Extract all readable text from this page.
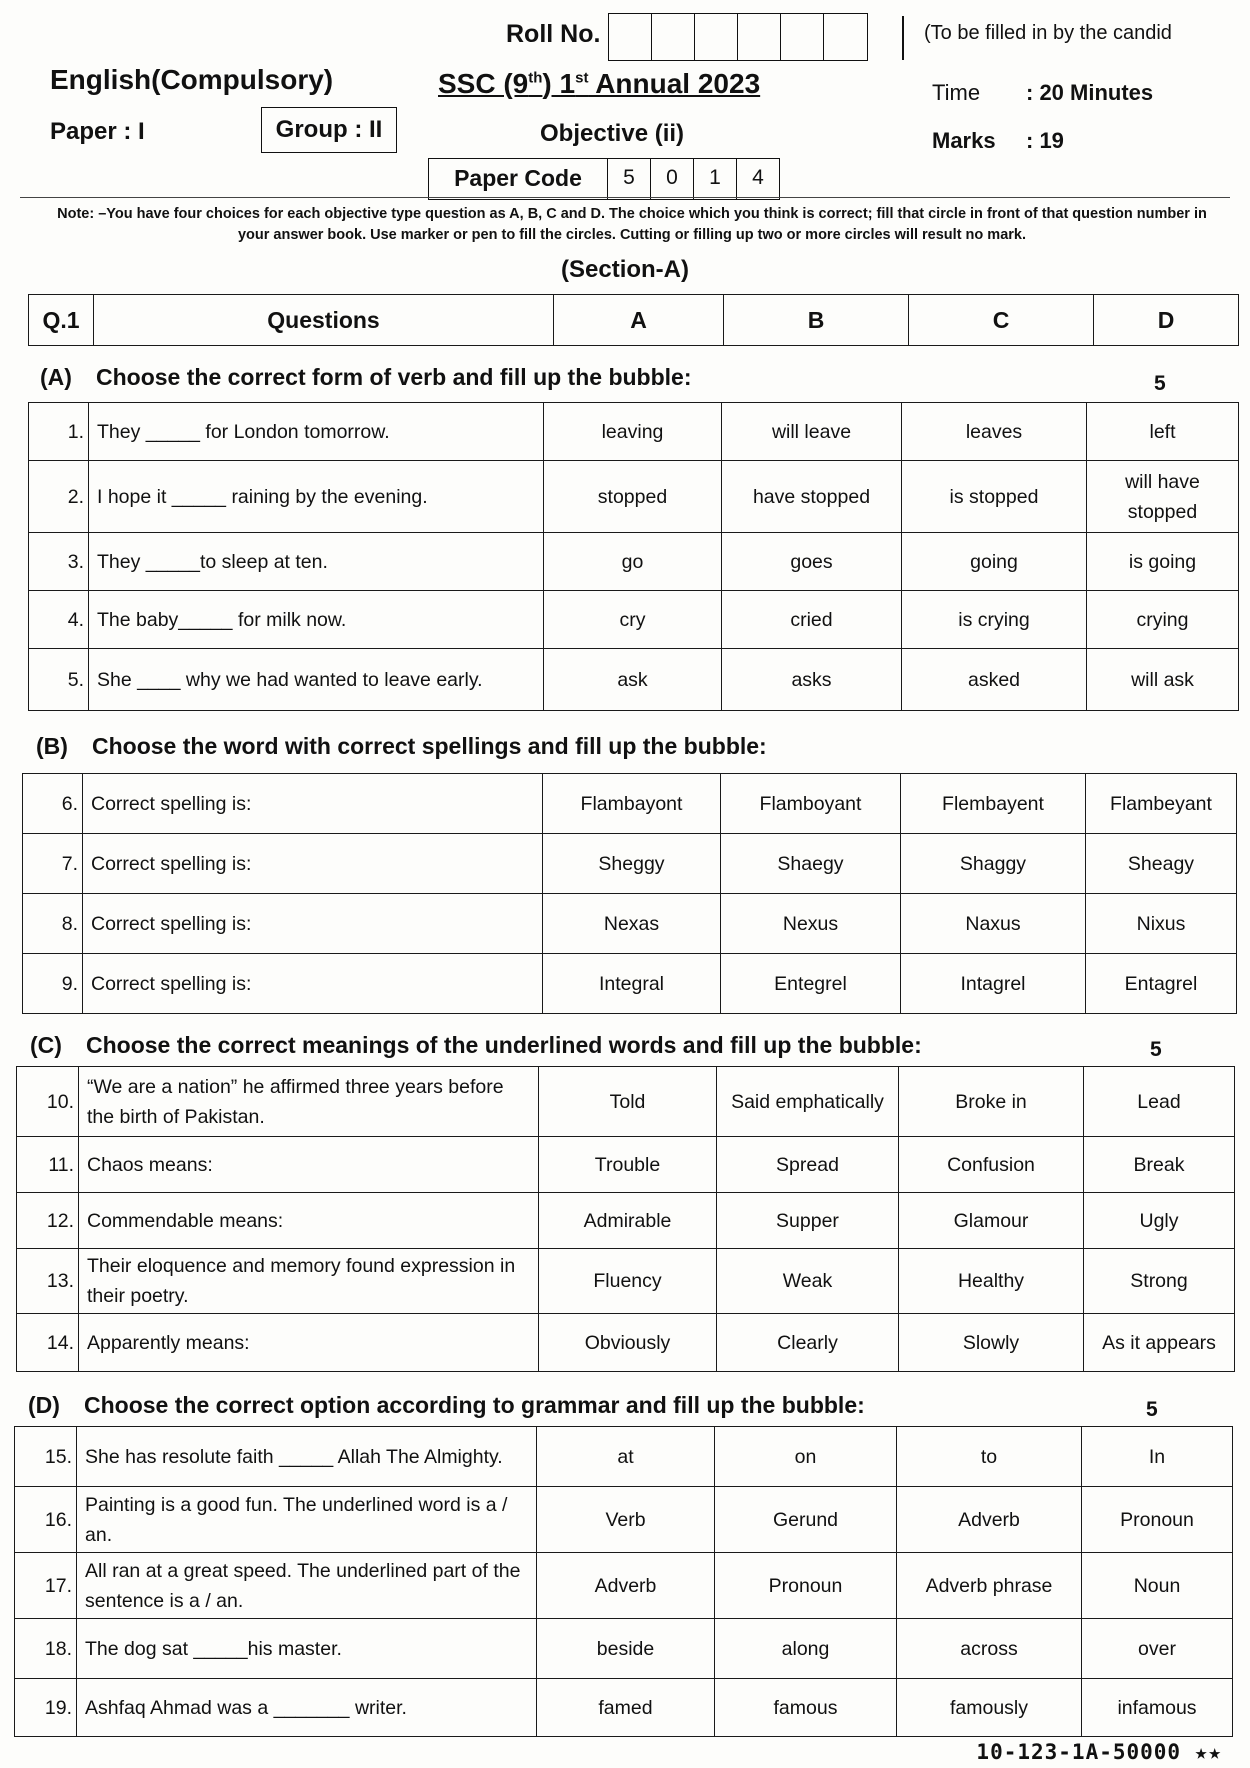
Roll No.	(To be filled in by the candid
English(Compulsory)	SSC (9th) 1st Annual 2023	Time : 20 Minutes
Paper : I	Group : II	Objective (ii)	Marks : 19
Paper Code	5	0	1	4
Note: –You have four choices for each objective type question as A, B, C and D. The choice which you think is correct; fill that circle in front of that question number in your answer book. Use marker or pen to fill the circles. Cutting or filling up two or more circles will result no mark.
(Section-A)
Q.1	Questions	A	B	C	D
(A) Choose the correct form of verb and fill up the bubble:	5
1.	They _____ for London tomorrow.	leaving	will leave	leaves	left
2.	I hope it _____ raining by the evening.	stopped	have stopped	is stopped	will have stopped
3.	They _____to sleep at ten.	go	goes	going	is going
4.	The baby_____ for milk now.	cry	cried	is crying	crying
5.	She ____ why we had wanted to leave early.	ask	asks	asked	will ask
(B) Choose the word with correct spellings and fill up the bubble:
6.	Correct spelling is:	Flambayont	Flamboyant	Flembayent	Flambeyant
7.	Correct spelling is:	Sheggy	Shaegy	Shaggy	Sheagy
8.	Correct spelling is:	Nexas	Nexus	Naxus	Nixus
9.	Correct spelling is:	Integral	Entegrel	Intagrel	Entagrel
(C) Choose the correct meanings of the underlined words and fill up the bubble:	5
10.	“We are a nation” he affirmed three years before the birth of Pakistan.	Told	Said emphatically	Broke in	Lead
11.	Chaos means:	Trouble	Spread	Confusion	Break
12.	Commendable means:	Admirable	Supper	Glamour	Ugly
13.	Their eloquence and memory found expression in their poetry.	Fluency	Weak	Healthy	Strong
14.	Apparently means:	Obviously	Clearly	Slowly	As it appears
(D) Choose the correct option according to grammar and fill up the bubble:	5
15.	She has resolute faith _____ Allah The Almighty.	at	on	to	In
16.	Painting is a good fun. The underlined word is a / an.	Verb	Gerund	Adverb	Pronoun
17.	All ran at a great speed. The underlined part of the sentence is a / an.	Adverb	Pronoun	Adverb phrase	Noun
18.	The dog sat _____his master.	beside	along	across	over
19.	Ashfaq Ahmad was a _______ writer.	famed	famous	famously	infamous
10-123-1A-50000 ★★
